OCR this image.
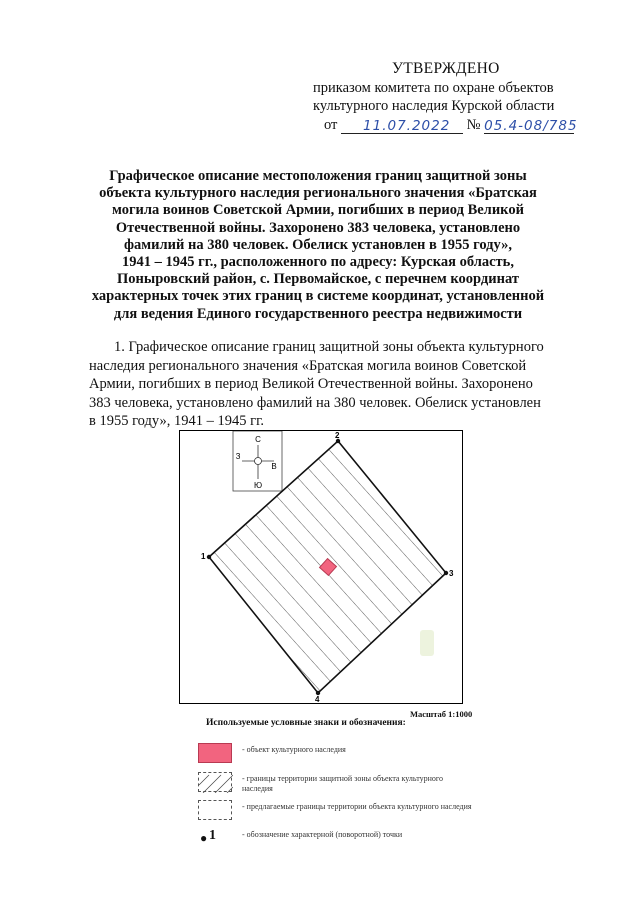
УТВЕРЖДЕНО
приказом комитета по охране объектов
культурного наследия Курской области
от 11.07.2022 № 05.4-08/785
Графическое описание местоположения границ защитной зоны
объекта культурного наследия регионального значения «Братская
могила воинов Советской Армии, погибших в период Великой
Отечественной войны. Захоронено 383 человека, установлено
фамилий на 380 человек. Обелиск установлен в 1955 году»,
1941 – 1945 гг., расположенного по адресу: Курская область,
Поныровский район, с. Первомайское, с перечнем координат
характерных точек этих границ в системе координат, установленной
для ведения Единого государственного реестра недвижимости
1. Графическое описание границ защитной зоны объекта культурного
наследия регионального значения «Братская могила воинов Советской
Армии, погибших в период Великой Отечественной войны. Захоронено
383 человека, установлено фамилий на 380 человек. Обелиск установлен
в 1955 году», 1941 – 1945 гг.
С
Ю
З
В
1
2
3
4
Масштаб 1:1000
Используемые условные знаки и обозначения:
- объект культурного наследия
- границы территории защитной зоны объекта культурного наследия
- предлагаемые границы территории объекта культурного наследия
● 1	- обозначение характерной (поворотной) точки
